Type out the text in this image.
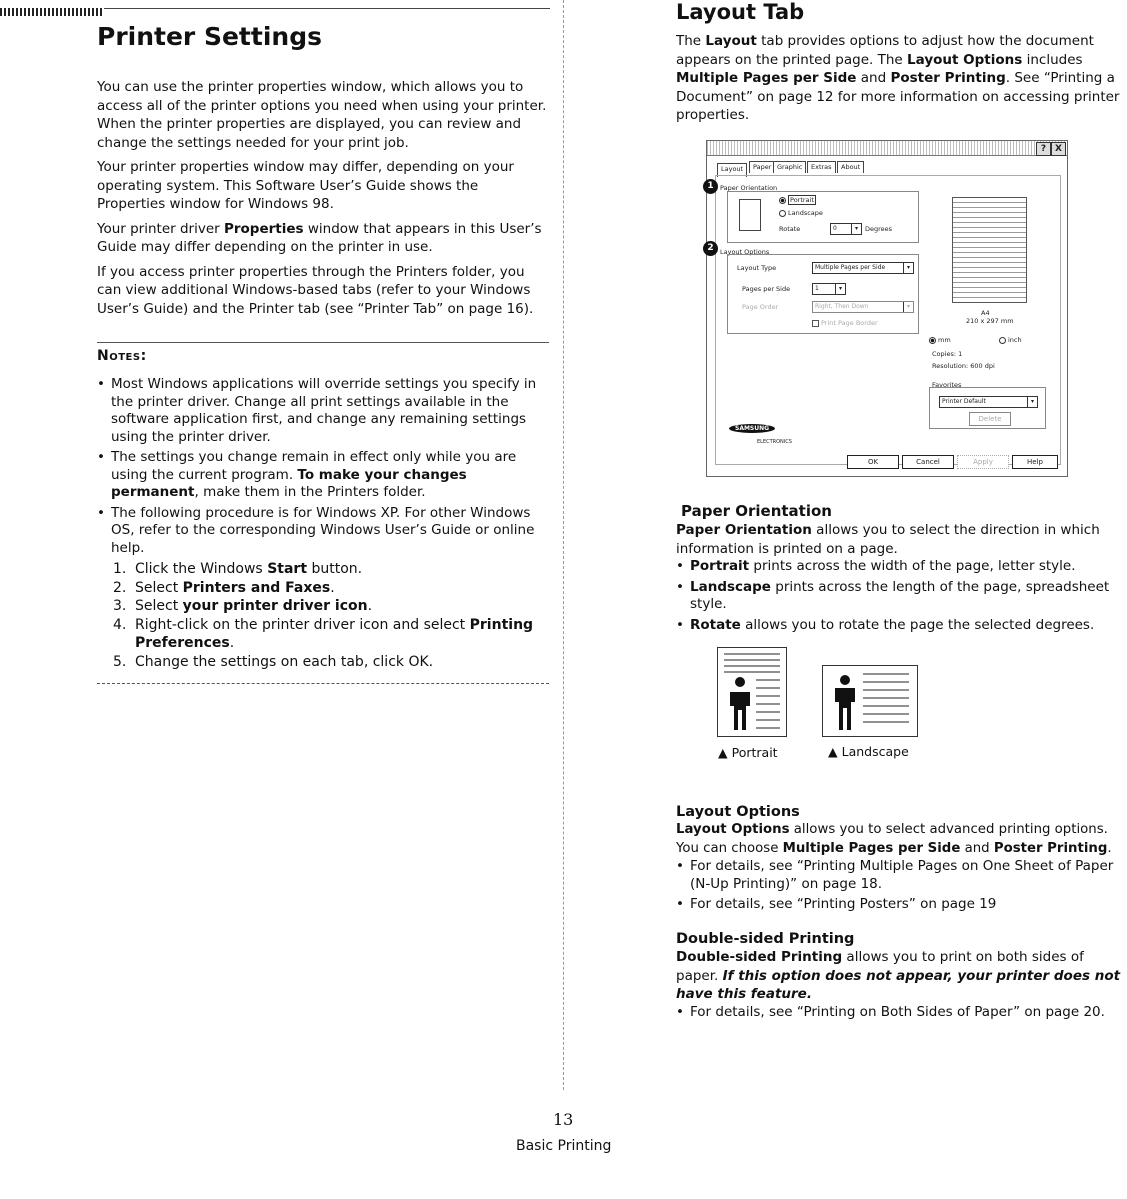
Printer Settings

You can use the printer properties window, which allows you to access all of the printer options you need when using your printer. When the printer properties are displayed, you can review and change the settings needed for your print job.

Your printer properties window may differ, depending on your operating system. This Software User’s Guide shows the Properties window for Windows 98.

Your printer driver Properties window that appears in this User’s Guide may differ depending on the printer in use.

If you access printer properties through the Printers folder, you can view additional Windows-based tabs (refer to your Windows User’s Guide) and the Printer tab (see “Printer Tab” on page 16).

Notes:
• Most Windows applications will override settings you specify in the printer driver. Change all print settings available in the software application first, and change any remaining settings using the printer driver.
• The settings you change remain in effect only while you are using the current program. To make your changes permanent, make them in the Printers folder.
• The following procedure is for Windows XP. For other Windows OS, refer to the corresponding Windows User’s Guide or online help.
1. Click the Windows Start button.
2. Select Printers and Faxes.
3. Select your printer driver icon.
4. Right-click on the printer driver icon and select Printing Preferences.
5. Change the settings on each tab, click OK.
Layout Tab

The Layout tab provides options to adjust how the document appears on the printed page. The Layout Options includes Multiple Pages per Side and Poster Printing. See “Printing a Document” on page 12 for more information on accessing printer properties.

? X
Layout	Paper Graphic	Extras	About
1 Paper Orientation
Portrait
Landscape
Rotate	0	▾	Degrees
2 Layout Options
Layout Type	Multiple Pages per Side	▾
Pages per Side	1	▾
Page Order	Right, Then Down	▾
Print Page Border
A4
210 x 297 mm
mm	inch
Copies: 1
Resolution: 600 dpi
Favorites
Printer Default	▾
Delete
SAMSUNG
ELECTRONICS
OK	Cancel	Apply	Help
Paper Orientation

Paper Orientation allows you to select the direction in which information is printed on a page.

• Portrait prints across the width of the page, letter style.
• Landscape prints across the length of the page, spreadsheet style.
• Rotate allows you to rotate the page the selected degrees.
▲ Portrait	▲ Landscape
Layout Options

Layout Options allows you to select advanced printing options. You can choose Multiple Pages per Side and Poster Printing.

• For details, see “Printing Multiple Pages on One Sheet of Paper (N-Up Printing)” on page 18.
• For details, see “Printing Posters” on page 19
Double-sided Printing

Double-sided Printing allows you to print on both sides of paper. If this option does not appear, your printer does not have this feature.

• For details, see “Printing on Both Sides of Paper” on page 20.
13
Basic Printing
